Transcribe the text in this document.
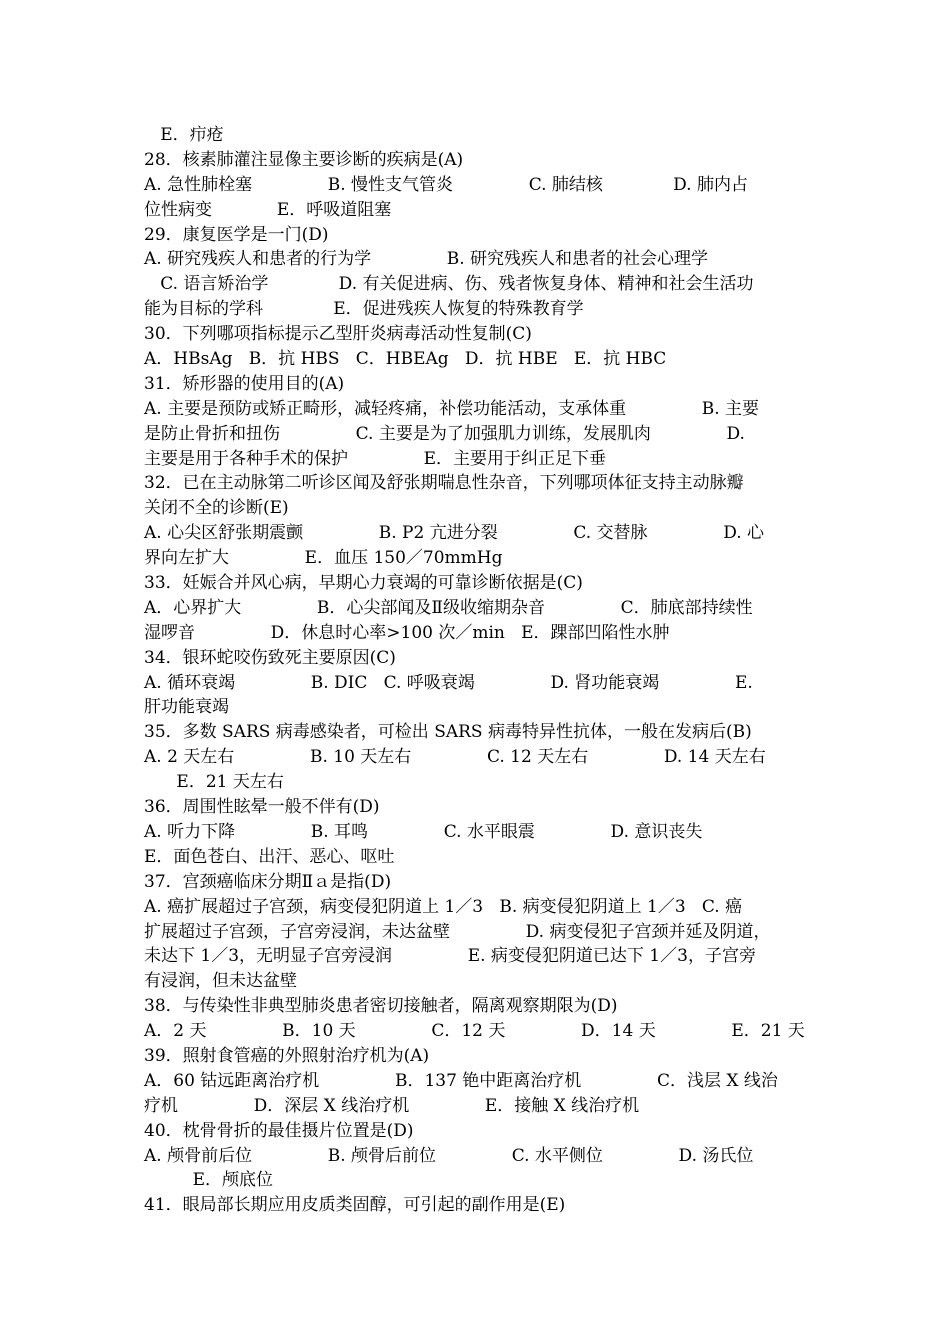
E．疖疮
28．核素肺灌注显像主要诊断的疾病是(A)
A. 急性肺栓塞              B. 慢性支气管炎              C. 肺结核             D. 肺内占
位性病变            E．呼吸道阻塞
29．康复医学是一门(D)
A. 研究残疾人和患者的行为学              B. 研究残疾人和患者的社会心理学
C. 语言矫治学             D. 有关促进病、伤、残者恢复身体、精神和社会生活功
能为目标的学科             E．促进残疾人恢复的特殊教育学
30．下列哪项指标提示乙型肝炎病毒活动性复制(C)
A．HBsAg   B．抗 HBS   C．HBEAg   D．抗 HBE   E．抗 HBC
31．矫形器的使用目的(A)
A. 主要是预防或矫正畸形，减轻疼痛，补偿功能活动，支承体重              B. 主要
是防止骨折和扭伤              C. 主要是为了加强肌力训练，发展肌肉              D.
主要是用于各种手术的保护              E．主要用于纠正足下垂
32．已在主动脉第二听诊区闻及舒张期喘息性杂音，下列哪项体征支持主动脉瓣
关闭不全的诊断(E)
A. 心尖区舒张期震颤              B. P2 亢进分裂              C. 交替脉              D. 心
界向左扩大              E．血压 150／70mmHg
33．妊娠合并风心病，早期心力衰竭的可靠诊断依据是(C)
A．心界扩大              B．心尖部闻及Ⅱ级收缩期杂音              C．肺底部持续性
湿啰音              D．休息时心率>100 次／min   E．踝部凹陷性水肿
34．银环蛇咬伤致死主要原因(C)
A. 循环衰竭              B. DIC   C. 呼吸衰竭              D. 肾功能衰竭              E.
肝功能衰竭
35．多数 SARS 病毒感染者，可检出 SARS 病毒特异性抗体，一般在发病后(B)
A. 2 天左右              B. 10 天左右              C. 12 天左右              D. 14 天左右
E．21 天左右
36．周围性眩晕一般不伴有(D)
A. 听力下降              B. 耳鸣              C. 水平眼震              D. 意识丧失
E．面色苍白、出汗、恶心、呕吐
37．宫颈癌临床分期Ⅱａ是指(D)
A. 癌扩展超过子宫颈，病变侵犯阴道上 1／3   B. 病变侵犯阴道上 1／3   C. 癌
扩展超过子宫颈，子宫旁浸润，未达盆壁              D. 病变侵犯子宫颈并延及阴道，
未达下 1／3，无明显子宫旁浸润              E. 病变侵犯阴道已达下 1／3，子宫旁
有浸润，但未达盆壁
38．与传染性非典型肺炎患者密切接触者，隔离观察期限为(D)
A．2 天              B．10 天              C．12 天              D．14 天              E．21 天
39．照射食管癌的外照射治疗机为(A)
A．60 钴远距离治疗机              B．137 铯中距离治疗机              C．浅层 X 线治
疗机              D．深层 X 线治疗机              E．接触 X 线治疗机
40．枕骨骨折的最佳摄片位置是(D)
A. 颅骨前后位              B. 颅骨后前位              C. 水平侧位              D. 汤氏位
E．颅底位
41．眼局部长期应用皮质类固醇，可引起的副作用是(E)
